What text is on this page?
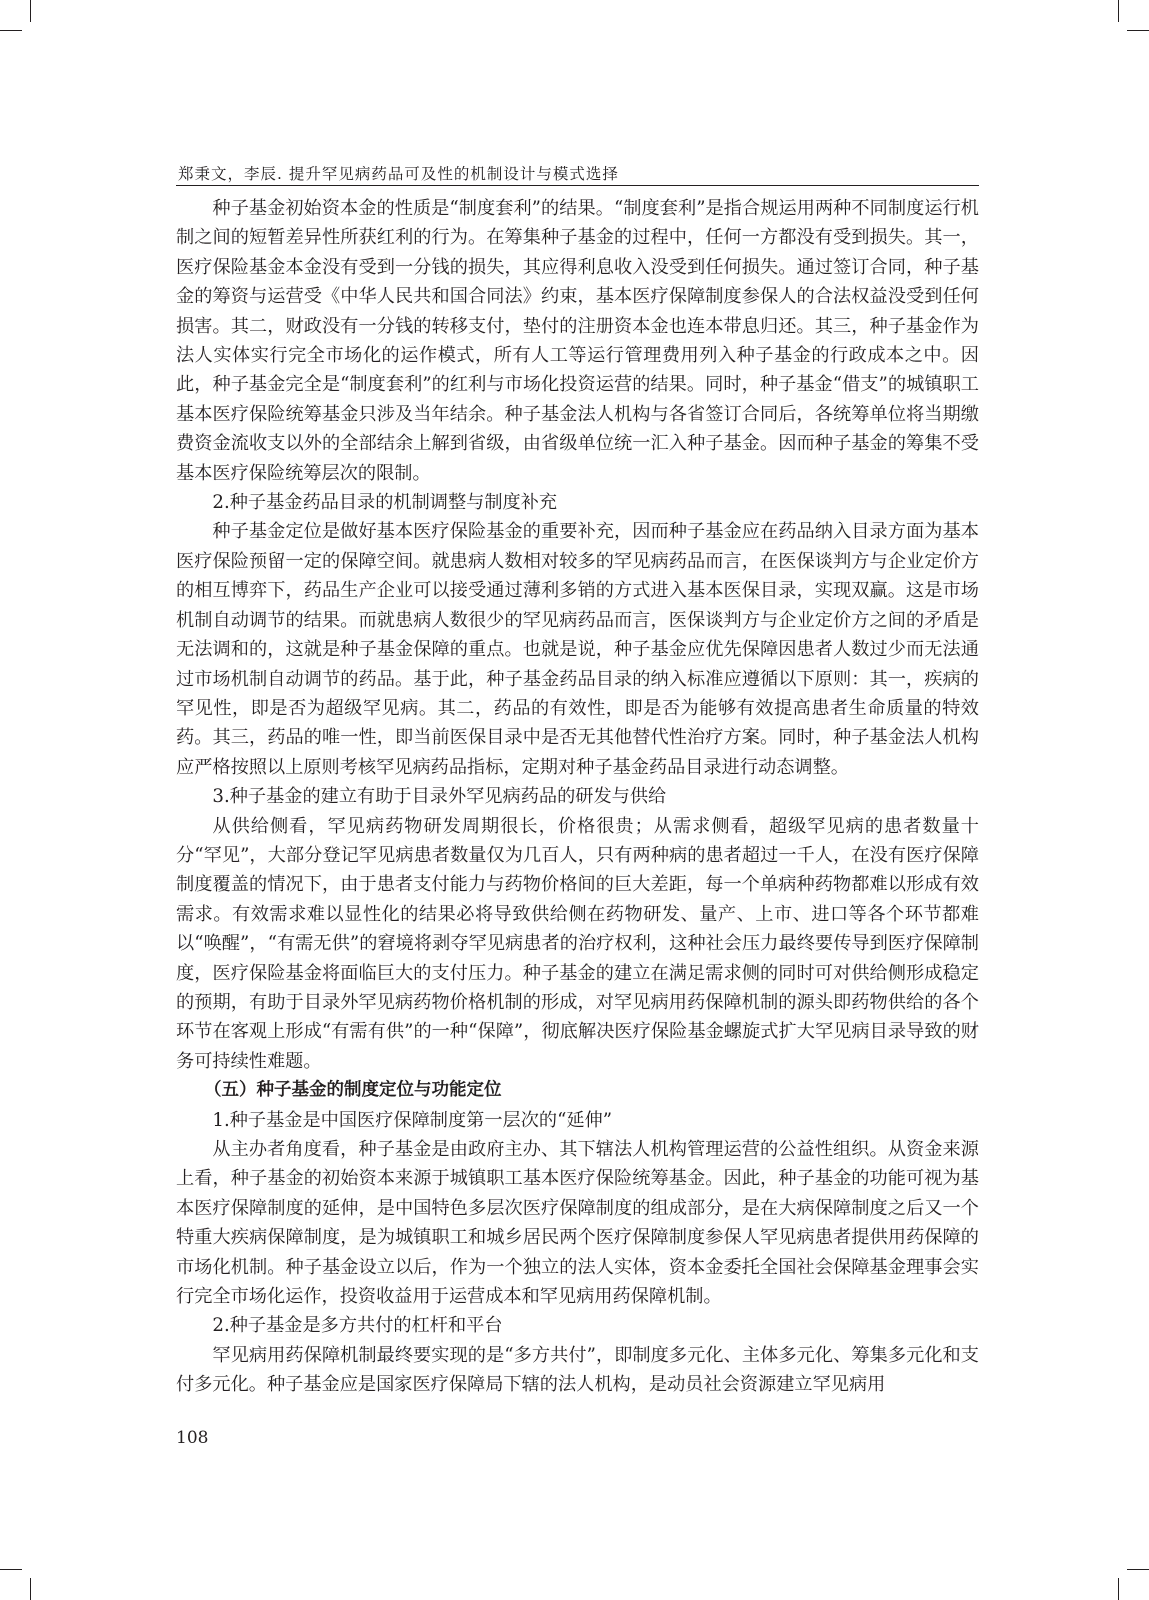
郑秉文，李辰. 提升罕见病药品可及性的机制设计与模式选择

种子基金初始资本金的性质是“制度套利”的结果。“制度套利”是指合规运用两种不同制度运行机制之间的短暂差异性所获红利的行为。在筹集种子基金的过程中，任何一方都没有受到损失。其一，医疗保险基金本金没有受到一分钱的损失，其应得利息收入没受到任何损失。通过签订合同，种子基金的筹资与运营受《中华人民共和国合同法》约束，基本医疗保障制度参保人的合法权益没受到任何损害。其二，财政没有一分钱的转移支付，垫付的注册资本金也连本带息归还。其三，种子基金作为法人实体实行完全市场化的运作模式，所有人工等运行管理费用列入种子基金的行政成本之中。因此，种子基金完全是“制度套利”的红利与市场化投资运营的结果。同时，种子基金“借支”的城镇职工基本医疗保险统筹基金只涉及当年结余。种子基金法人机构与各省签订合同后，各统筹单位将当期缴费资金流收支以外的全部结余上解到省级，由省级单位统一汇入种子基金。因而种子基金的筹集不受基本医疗保险统筹层次的限制。

2.种子基金药品目录的机制调整与制度补充

种子基金定位是做好基本医疗保险基金的重要补充，因而种子基金应在药品纳入目录方面为基本医疗保险预留一定的保障空间。就患病人数相对较多的罕见病药品而言，在医保谈判方与企业定价方的相互博弈下，药品生产企业可以接受通过薄利多销的方式进入基本医保目录，实现双赢。这是市场机制自动调节的结果。而就患病人数很少的罕见病药品而言，医保谈判方与企业定价方之间的矛盾是无法调和的，这就是种子基金保障的重点。也就是说，种子基金应优先保障因患者人数过少而无法通过市场机制自动调节的药品。基于此，种子基金药品目录的纳入标准应遵循以下原则：其一，疾病的罕见性，即是否为超级罕见病。其二，药品的有效性，即是否为能够有效提高患者生命质量的特效药。其三，药品的唯一性，即当前医保目录中是否无其他替代性治疗方案。同时，种子基金法人机构应严格按照以上原则考核罕见病药品指标，定期对种子基金药品目录进行动态调整。

3.种子基金的建立有助于目录外罕见病药品的研发与供给

从供给侧看，罕见病药物研发周期很长，价格很贵；从需求侧看，超级罕见病的患者数量十分“罕见”，大部分登记罕见病患者数量仅为几百人，只有两种病的患者超过一千人，在没有医疗保障制度覆盖的情况下，由于患者支付能力与药物价格间的巨大差距，每一个单病种药物都难以形成有效需求。有效需求难以显性化的结果必将导致供给侧在药物研发、量产、上市、进口等各个环节都难以“唤醒”，“有需无供”的窘境将剥夺罕见病患者的治疗权利，这种社会压力最终要传导到医疗保障制度，医疗保险基金将面临巨大的支付压力。种子基金的建立在满足需求侧的同时可对供给侧形成稳定的预期，有助于目录外罕见病药物价格机制的形成，对罕见病用药保障机制的源头即药物供给的各个环节在客观上形成“有需有供”的一种“保障”，彻底解决医疗保险基金螺旋式扩大罕见病目录导致的财务可持续性难题。

（五）种子基金的制度定位与功能定位

1.种子基金是中国医疗保障制度第一层次的“延伸”

从主办者角度看，种子基金是由政府主办、其下辖法人机构管理运营的公益性组织。从资金来源上看，种子基金的初始资本来源于城镇职工基本医疗保险统筹基金。因此，种子基金的功能可视为基本医疗保障制度的延伸，是中国特色多层次医疗保障制度的组成部分，是在大病保障制度之后又一个特重大疾病保障制度，是为城镇职工和城乡居民两个医疗保障制度参保人罕见病患者提供用药保障的市场化机制。种子基金设立以后，作为一个独立的法人实体，资本金委托全国社会保障基金理事会实行完全市场化运作，投资收益用于运营成本和罕见病用药保障机制。

2.种子基金是多方共付的杠杆和平台

罕见病用药保障机制最终要实现的是“多方共付”，即制度多元化、主体多元化、筹集多元化和支付多元化。种子基金应是国家医疗保障局下辖的法人机构，是动员社会资源建立罕见病用

108
